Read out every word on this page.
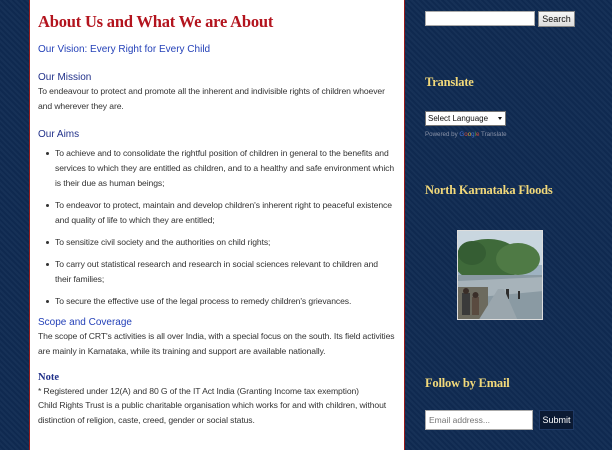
About Us and What We are About

Our Vision: Every Right for Every Child

Our Mission

To endeavour to protect and promote all the inherent and indivisible rights of children whoever and wherever they are.

Our Aims

To achieve and to consolidate the rightful position of children in general to the benefits and services to which they are entitled as children, and to a healthy and safe environment which is their due as human beings;
To endeavor to protect, maintain and develop children's inherent right to peaceful existence and quality of life to which they are entitled;
To sensitize civil society and the authorities on child rights;
To carry out statistical research and research in social sciences relevant to children and their families;
To secure the effective use of the legal process to remedy children's grievances.

Scope and Coverage

The scope of CRT's activities is all over India, with a special focus on the south. Its field activities are mainly in Karnataka, while its training and support are available nationally.

Note

* Registered under 12(A) and 80 G of the IT Act India (Granting Income tax exemption)

Child Rights Trust is a public charitable organisation which works for and with children, without distinction of religion, caste, creed, gender or social status.

Search
Translate
Select Language
Powered by Google Translate
North Karnataka Floods
Follow by Email
Email address...
Submit
